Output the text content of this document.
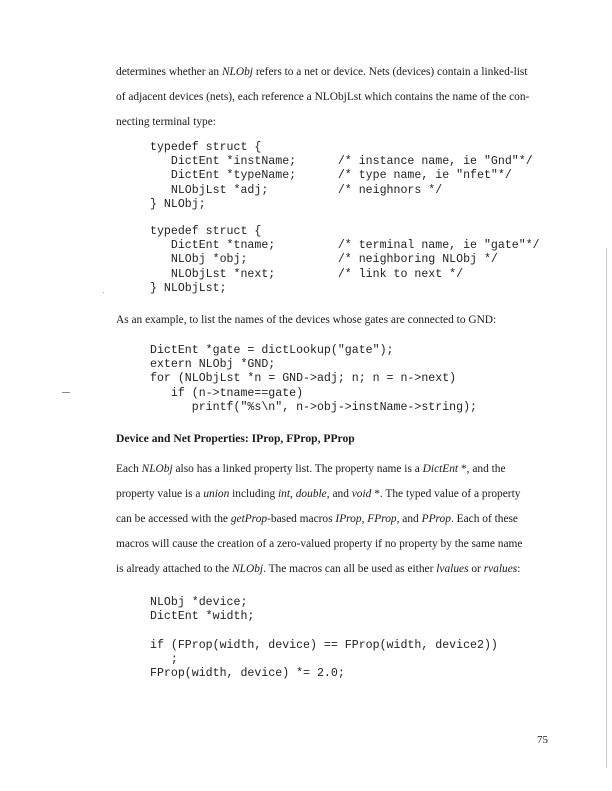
determines whether an NLObj refers to a net or device. Nets (devices) contain a linked-list
of adjacent devices (nets), each reference a NLObjLst which contains the name of the con-
necting terminal type:

typedef struct {
DictEnt *instName;      /* instance name, ie "Gnd"*/
DictEnt *typeName;      /* type name, ie "nfet"*/
NLObjLst *adj;          /* neighnors */
} NLObj;
typedef struct {
DictEnt *tname;         /* terminal name, ie "gate"*/
NLObj *obj;             /* neighboring NLObj */
NLObjLst *next;         /* link to next */
} NLObjLst;

As an example, to list the names of the devices whose gates are connected to GND:

DictEnt *gate = dictLookup("gate");
extern NLObj *GND;
for (NLObjLst *n = GND->adj; n; n = n->next)
if (n->tname==gate)
printf("%s\n", n->obj->instName->string);

Device and Net Properties: IProp, FProp, PProp

Each NLObj also has a linked property list. The property name is a DictEnt *, and the
property value is a union including int, double, and void *. The typed value of a property
can be accessed with the getProp-based macros IProp, FProp, and PProp. Each of these
macros will cause the creation of a zero-valued property if no property by the same name
is already attached to the NLObj. The macros can all be used as either lvalues or rvalues:

NLObj *device;
DictEnt *width;
if (FProp(width, device) == FProp(width, device2))
;
FProp(width, device) *= 2.0;
75
